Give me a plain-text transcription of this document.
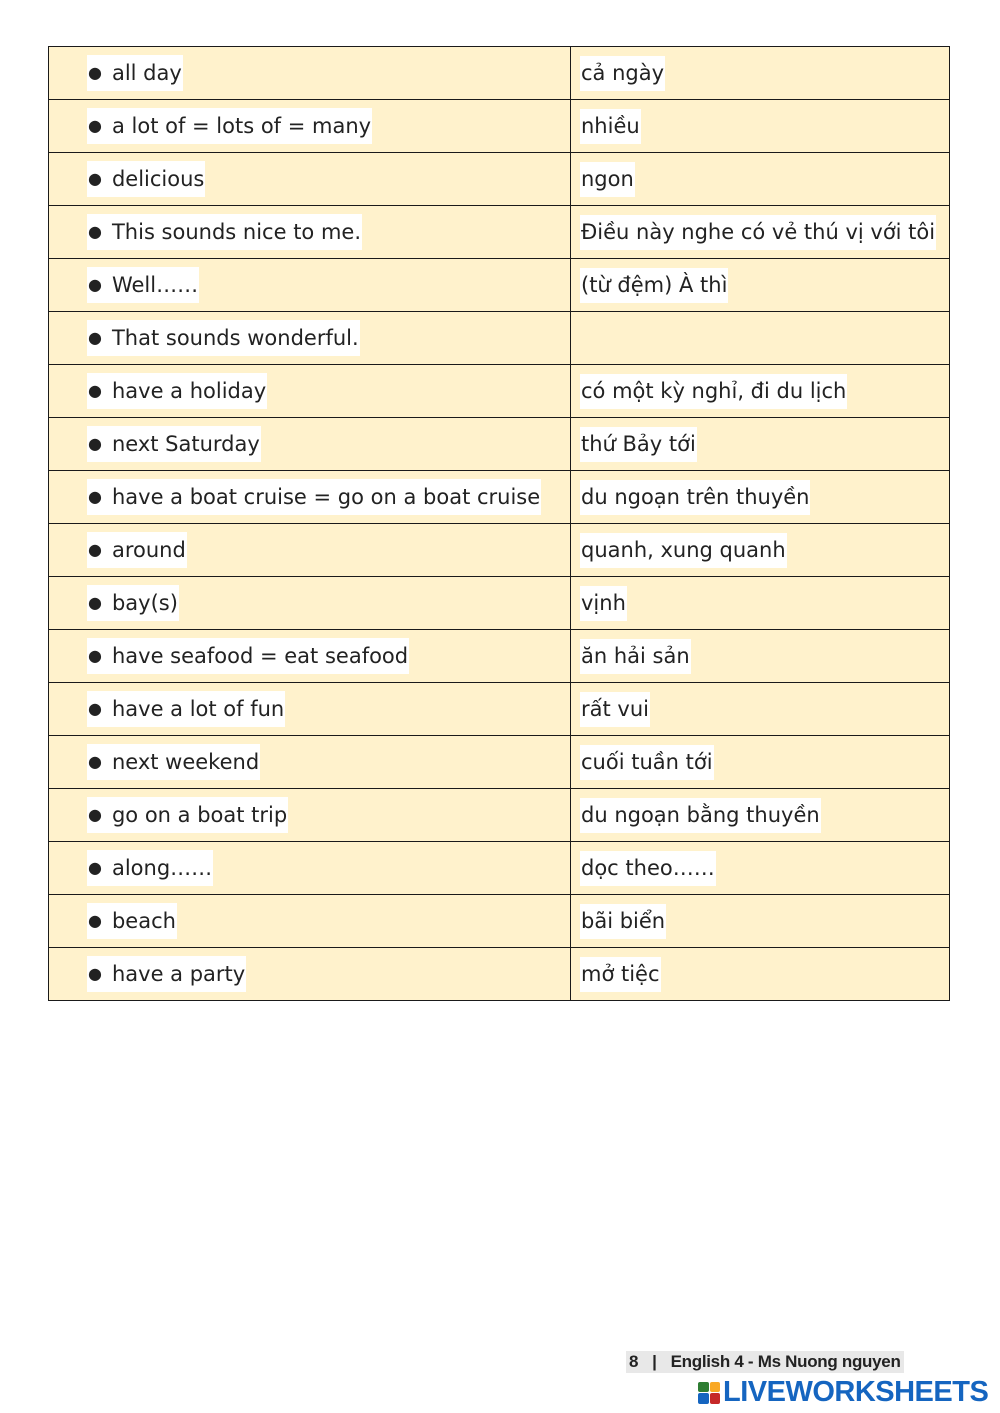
● all day	cả ngày
● a lot of = lots of = many	nhiều
● delicious	ngon
● This sounds nice to me.	Điều này nghe có vẻ thú vị với tôi
● Well……	(từ đệm) À thì
● That sounds wonderful.	
● have a holiday	có một kỳ nghỉ, đi du lịch
● next Saturday	thứ Bảy tới
● have a boat cruise = go on a boat cruise	du ngoạn trên thuyền
● around	quanh, xung quanh
● bay(s)	vịnh
● have seafood = eat seafood	ăn hải sản
● have a lot of fun	rất vui
● next weekend	cuối tuần tới
● go on a boat trip	du ngoạn bằng thuyền
● along……	dọc theo……
● beach	bãi biển
● have a party	mở tiệc
8 | English 4 - Ms Nuong nguyen
LIVEWORKSHEETS
